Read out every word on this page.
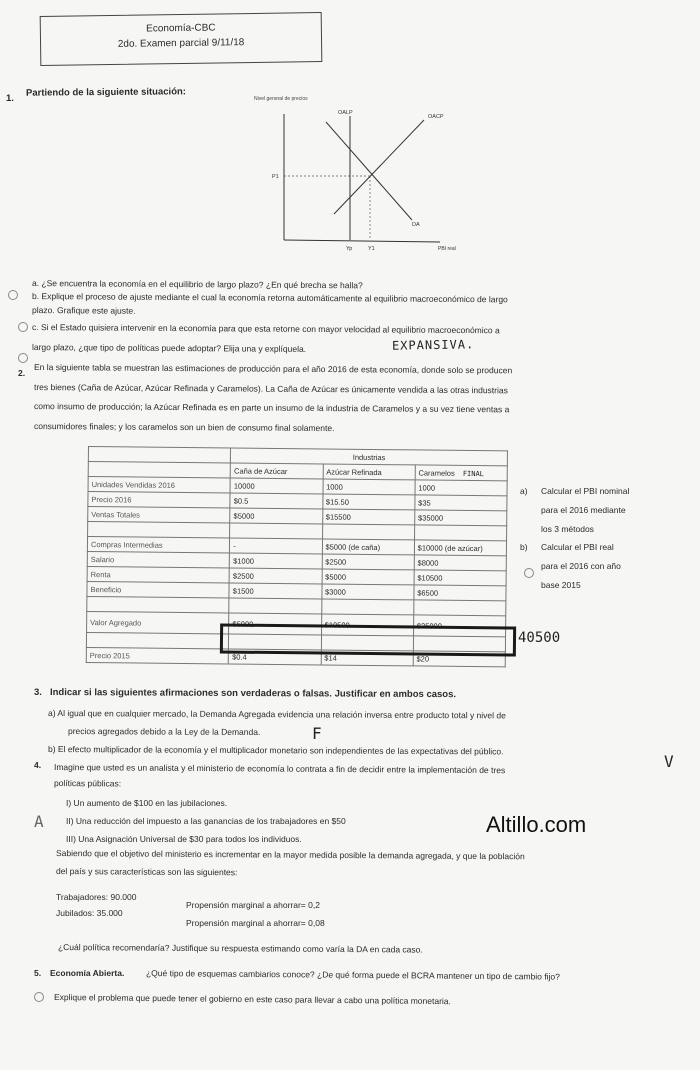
Economía-CBC
2do. Examen parcial 9/11/18
1. Partiendo de la siguiente situación:
Nivel general de precios
OALP
OACP
DA
P1
Yp	Y1	PBI real
a. ¿Se encuentra la economía en el equilibrio de largo plazo? ¿En qué brecha se halla?
b. Explique el proceso de ajuste mediante el cual la economía retorna automáticamente al equilibrio macroeconómico de largo
plazo. Grafique este ajuste.
c. Si el Estado quisiera intervenir en la economía para que esta retorne con mayor velocidad al equilibrio macroeconómico a
largo plazo, ¿que tipo de políticas puede adoptar? Elija una y explíquela.	EXPANSIVA.
2. En la siguiente tabla se muestran las estimaciones de producción para el año 2016 de esta economía, donde solo se producen
tres bienes (Caña de Azúcar, Azúcar Refinada y Caramelos). La Caña de Azúcar es únicamente vendida a las otras industrias
como insumo de producción; la Azúcar Refinada es en parte un insumo de la industria de Caramelos y a su vez tiene ventas a
consumidores finales; y los caramelos son un bien de consumo final solamente.
	Industrias		
	Caña de Azúcar	Azúcar Refinada	Caramelos FINAL
Unidades Vendidas 2016	10000	1000	1000
Precio 2016	$0.5	$15.50	$35
Ventas Totales	$5000	$15500	$35000

Compras Intermedias	-	$5000 (de caña)	$10000 (de azúcar)
Salario	$1000	$2500	$8000
Renta	$2500	$5000	$10500
Beneficio	$1500	$3000	$6500

Valor Agregado	$5000	$10500	$25000

Precio 2015	$0.4	$14	$20
40500
a) Calcular el PBI nominal
para el 2016 mediante
los 3 métodos
b) Calcular el PBI real
para el 2016 con año
base 2015
3. Indicar si las siguientes afirmaciones son verdaderas o falsas. Justificar en ambos casos.
a) Al igual que en cualquier mercado, la Demanda Agregada evidencia una relación inversa entre producto total y nivel de
precios agregados debido a la Ley de la Demanda.	F
b) El efecto multiplicador de la economía y el multiplicador monetario son independientes de las expectativas del público.
V
4. Imagine que usted es un analista y el ministerio de economía lo contrata a fin de decidir entre la implementación de tres
políticas públicas:
I) Un aumento de $100 en las jubilaciones.
II) Una reducción del impuesto a las ganancias de los trabajadores en $50
III) Una Asignación Universal de $30 para todos los individuos.
A	Altillo.com
Sabiendo que el objetivo del ministerio es incrementar en la mayor medida posible la demanda agregada, y que la población
del país y sus características son las siguientes:
Trabajadores: 90.000
Propensión marginal a ahorrar= 0,2
Jubilados: 35.000
Propensión marginal a ahorrar= 0,08
¿Cuál política recomendaría? Justifique su respuesta estimando como varía la DA en cada caso.
5. Economía Abierta.	¿Qué tipo de esquemas cambiarios conoce? ¿De qué forma puede el BCRA mantener un tipo de cambio fijo?
Explique el problema que puede tener el gobierno en este caso para llevar a cabo una política monetaria.
